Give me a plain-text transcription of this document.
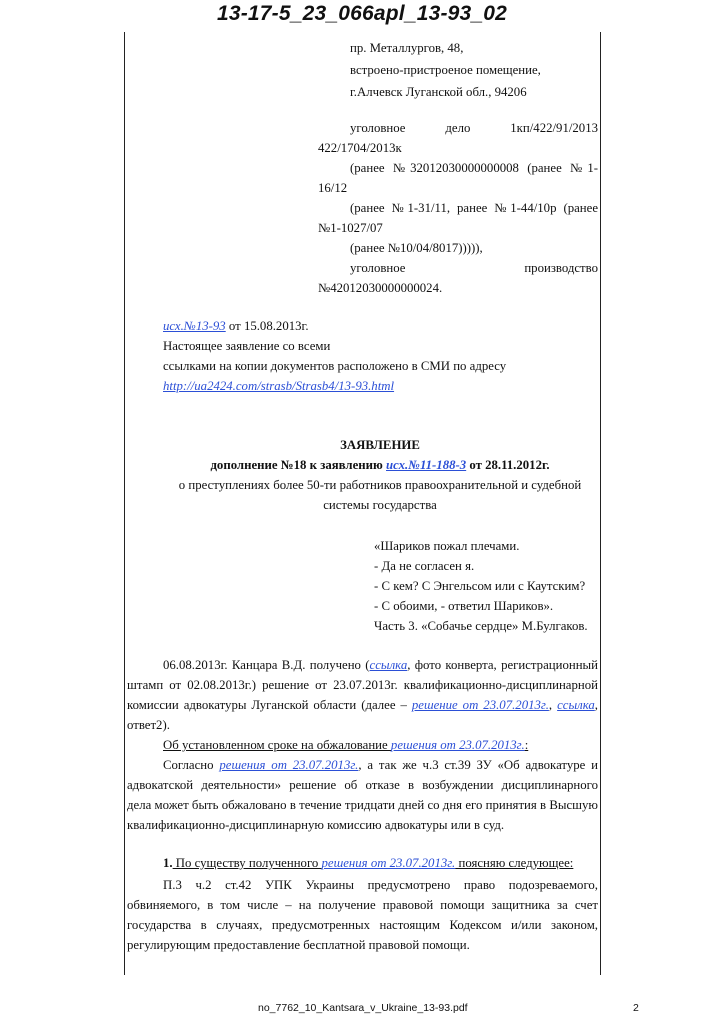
13-17-5_23_066apl_13-93_02
пр. Металлургов, 48,
встроено-пристроеное помещение,
г.Алчевск Луганской обл., 94206
уголовное дело 1кп/422/91/2013
422/1704/2013к
(ранее №32012030000000008 (ранее №1-
16/12
(ранее №1-31/11, ранее №1-44/10р (ранее
№1-1027/07
(ранее №10/04/8017))))),
уголовное производство
№42012030000000024.
исх.№13-93 от 15.08.2013г.
Настоящее заявление со всеми
ссылками на копии документов расположено в СМИ по адресу
http://ua2424.com/strasb/Strasb4/13-93.html
ЗАЯВЛЕНИЕ
дополнение №18 к заявлению исх.№11-188-3 от 28.11.2012г.
о преступлениях более 50-ти работников правоохранительной и судебной
системы государства
«Шариков пожал плечами.
- Да не согласен я.
- С кем? С Энгельсом или с Каутским?
- С обоими, - ответил Шариков».
Часть 3. «Собачье сердце» М.Булгаков.
06.08.2013г. Канцара В.Д. получено (ссылка, фото конверта, регистрационный
штамп от 02.08.2013г.) решение от 23.07.2013г. квалификационно-дисциплинарной
комиссии адвокатуры Луганской области (далее – решение от 23.07.2013г., ссылка,
ответ2).
Об установленном сроке на обжалование решения от 23.07.2013г.:
Согласно решения от 23.07.2013г., а так же ч.3 ст.39 ЗУ «Об адвокатуре и
адвокатской деятельности» решение об отказе в возбуждении дисциплинарного
дела может быть обжаловано в течение тридцати дней со дня его принятия в Высшую
квалификационно-дисциплинарную комиссию адвокатуры или в суд.
1. По существу полученного решения от 23.07.2013г. поясняю следующее:
П.3 ч.2 ст.42 УПК Украины предусмотрено право подозреваемого,
обвиняемого, в том числе – на получение правовой помощи защитника за счет
государства в случаях, предусмотренных настоящим Кодексом и/или законом,
регулирующим предоставление бесплатной правовой помощи.
no_7762_10_Kantsara_v_Ukraine_13-93.pdf	2
